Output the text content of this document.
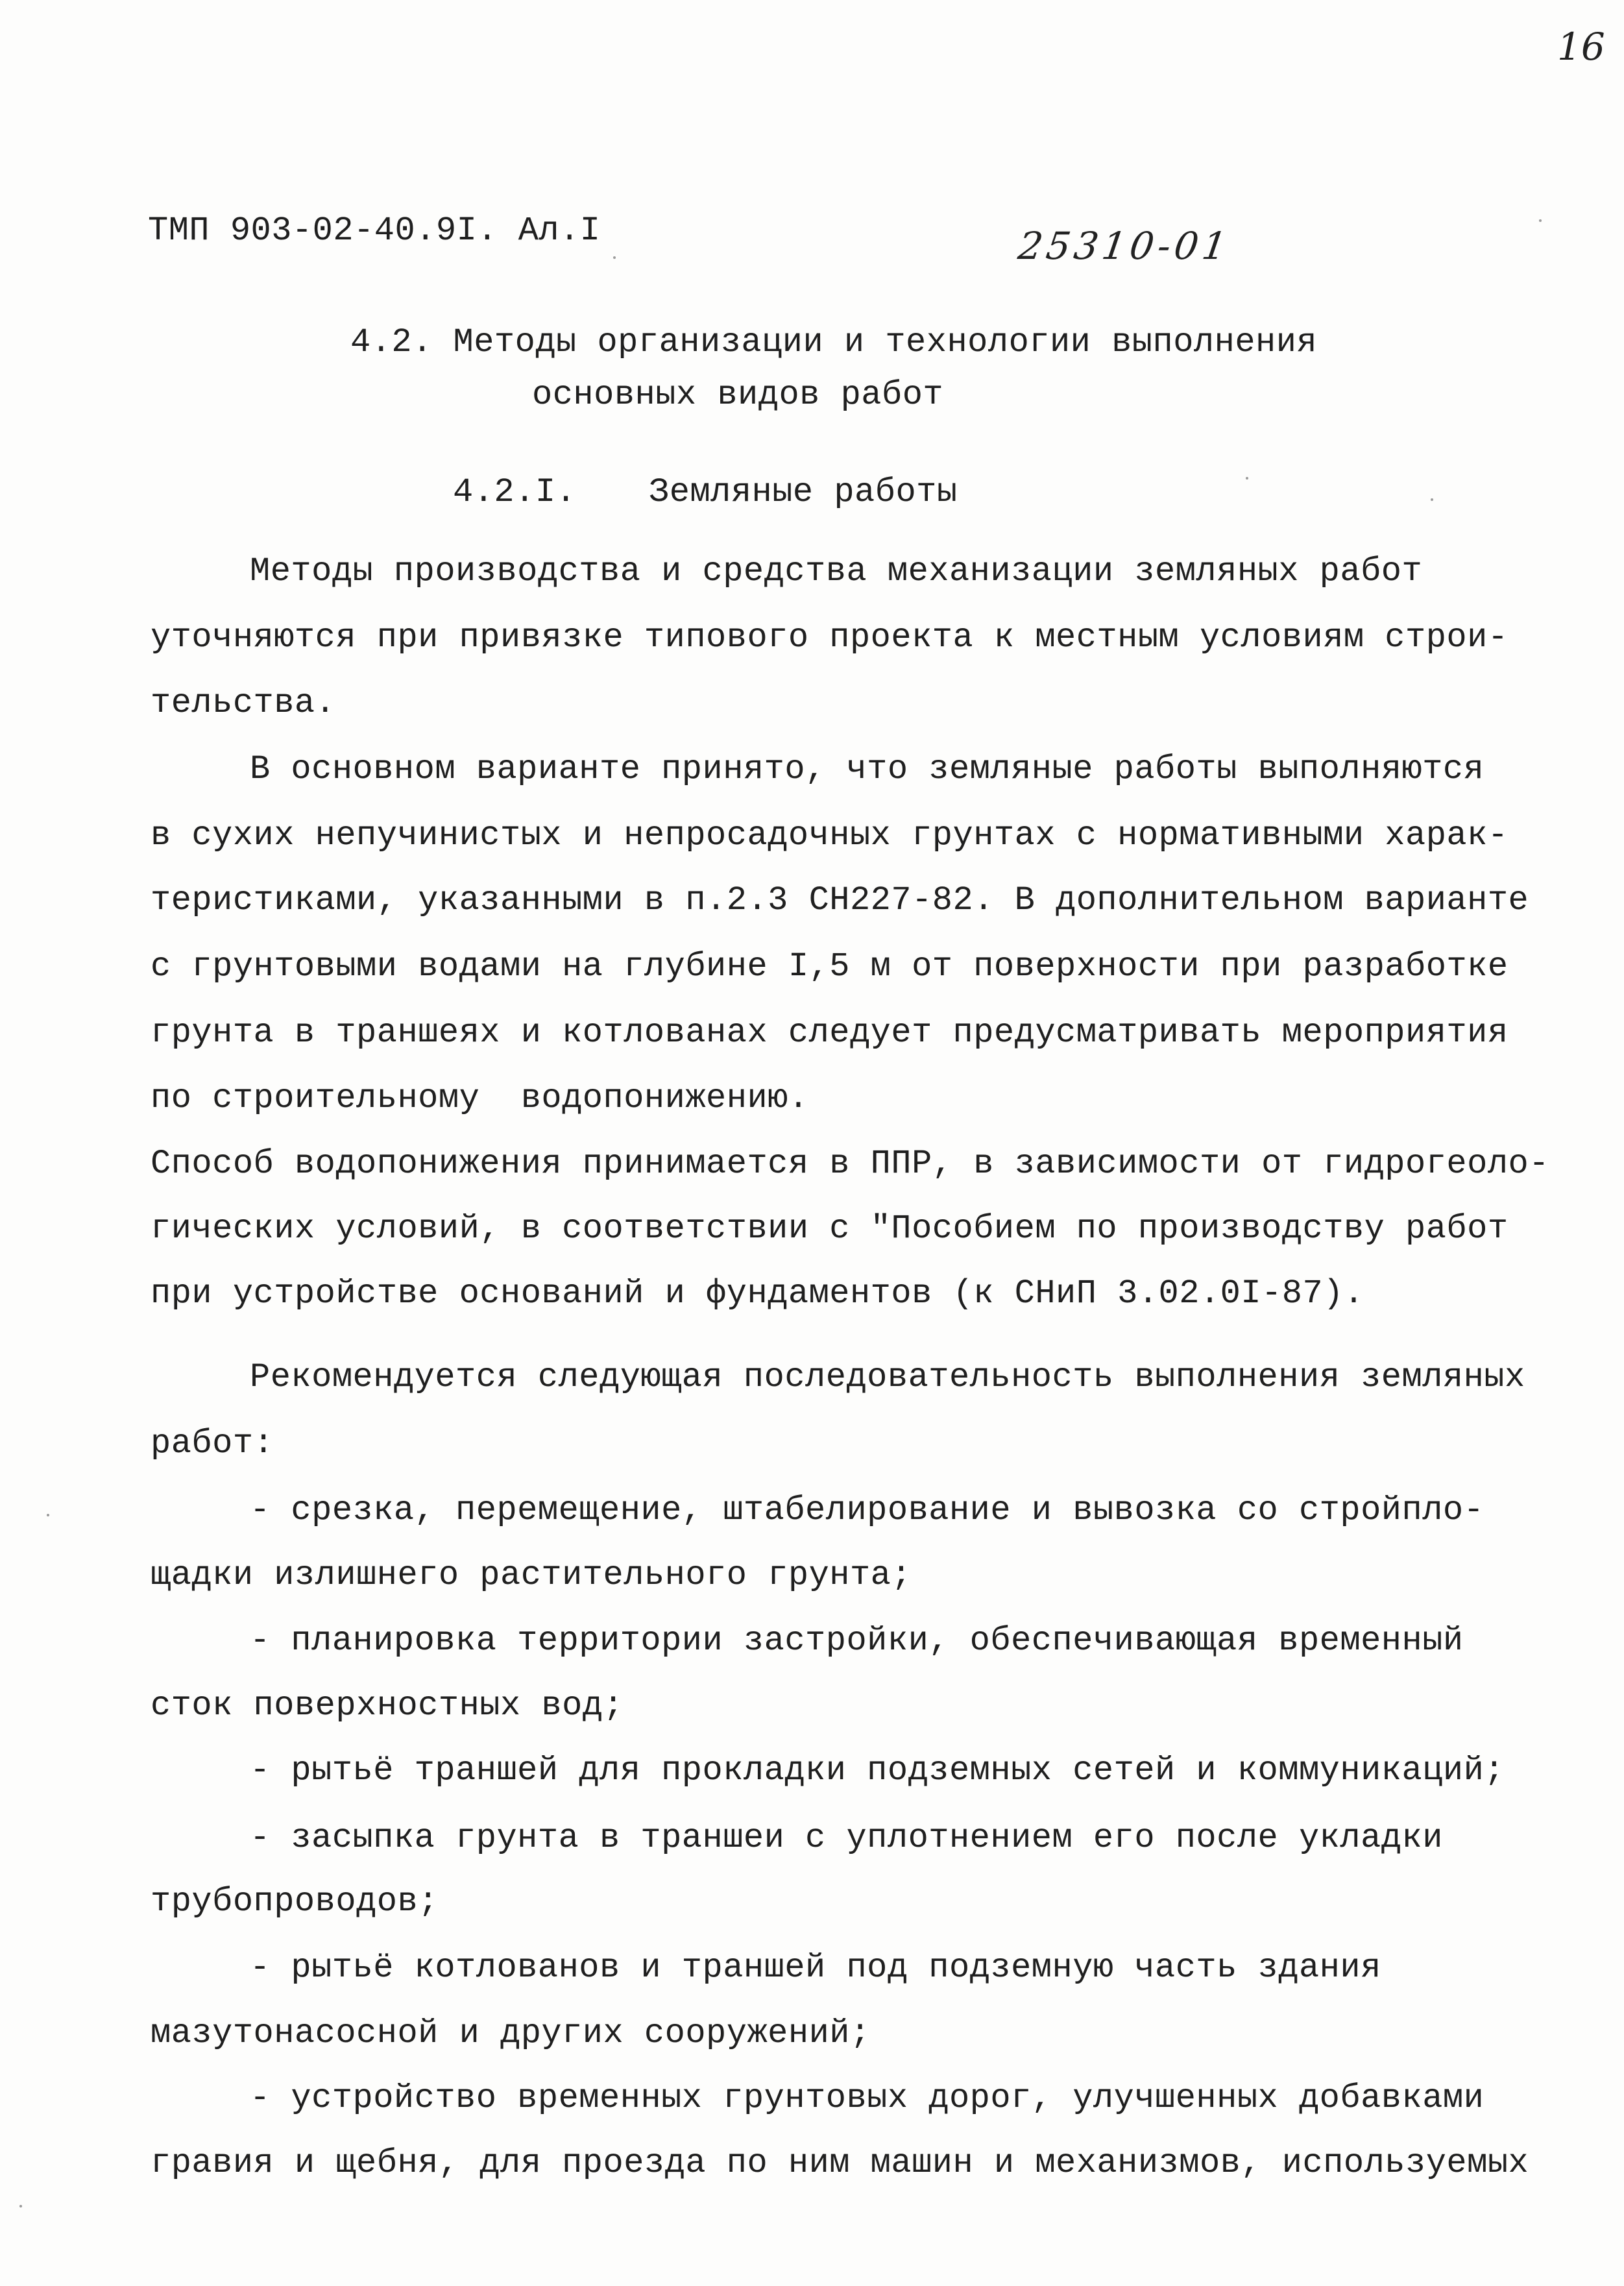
16
ТМП 903-02-40.9I. Ал.I	25310-01
4.2. Методы организации и технологии выполнения
основных видов работ
4.2.I. Земляные работы
Методы производства и средства механизации земляных работ
уточняются при привязке типового проекта к местным условиям строи-
тельства.
В основном варианте принято, что земляные работы выполняются
в сухих непучинистых и непросадочных грунтах с нормативными харак-
теристиками, указанными в п.2.3 СН227-82. В дополнительном варианте
с грунтовыми водами на глубине I,5 м от поверхности при разработке
грунта в траншеях и котлованах следует предусматривать мероприятия
по строительному  водопонижению.
Способ водопонижения принимается в ППР, в зависимости от гидрогеоло-
гических условий, в соответствии с "Пособием по производству работ
при устройстве оснований и фундаментов (к СНиП 3.02.0I-87).
Рекомендуется следующая последовательность выполнения земляных
работ:
- срезка, перемещение, штабелирование и вывозка со стройпло-
щадки излишнего растительного грунта;
- планировка территории застройки, обеспечивающая временный
сток поверхностных вод;
- рытьё траншей для прокладки подземных сетей и коммуникаций;
- засыпка грунта в траншеи с уплотнением его после укладки
трубопроводов;
- рытьё котлованов и траншей под подземную часть здания
мазутонасосной и других сооружений;
- устройство временных грунтовых дорог, улучшенных добавками
гравия и щебня, для проезда по ним машин и механизмов, используемых
